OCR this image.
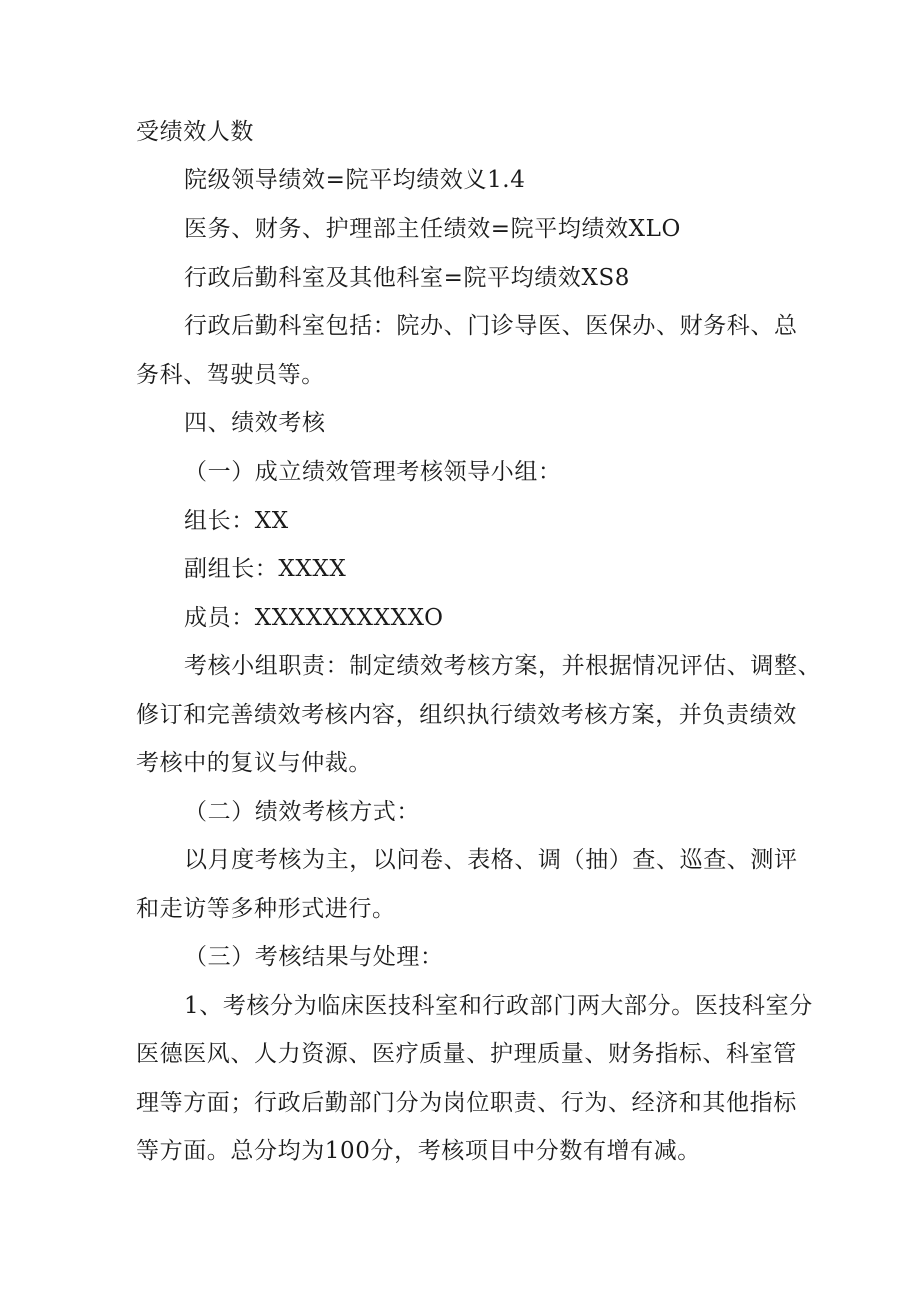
受绩效人数
院级领导绩效=院平均绩效义1.4
医务、财务、护理部主任绩效=院平均绩效XLO
行政后勤科室及其他科室=院平均绩效XS8
行政后勤科室包括：院办、门诊导医、医保办、财务科、总
务科、驾驶员等。
四、绩效考核
（一）成立绩效管理考核领导小组：
组长：XX
副组长：XXXX
成员：XXXXXXXXXXO
考核小组职责：制定绩效考核方案，并根据情况评估、调整、
修订和完善绩效考核内容，组织执行绩效考核方案，并负责绩效
考核中的复议与仲裁。
（二）绩效考核方式：
以月度考核为主，以问卷、表格、调（抽）查、巡查、测评
和走访等多种形式进行。
（三）考核结果与处理：
1、考核分为临床医技科室和行政部门两大部分。医技科室分
医德医风、人力资源、医疗质量、护理质量、财务指标、科室管
理等方面；行政后勤部门分为岗位职责、行为、经济和其他指标
等方面。总分均为100分，考核项目中分数有增有减。
